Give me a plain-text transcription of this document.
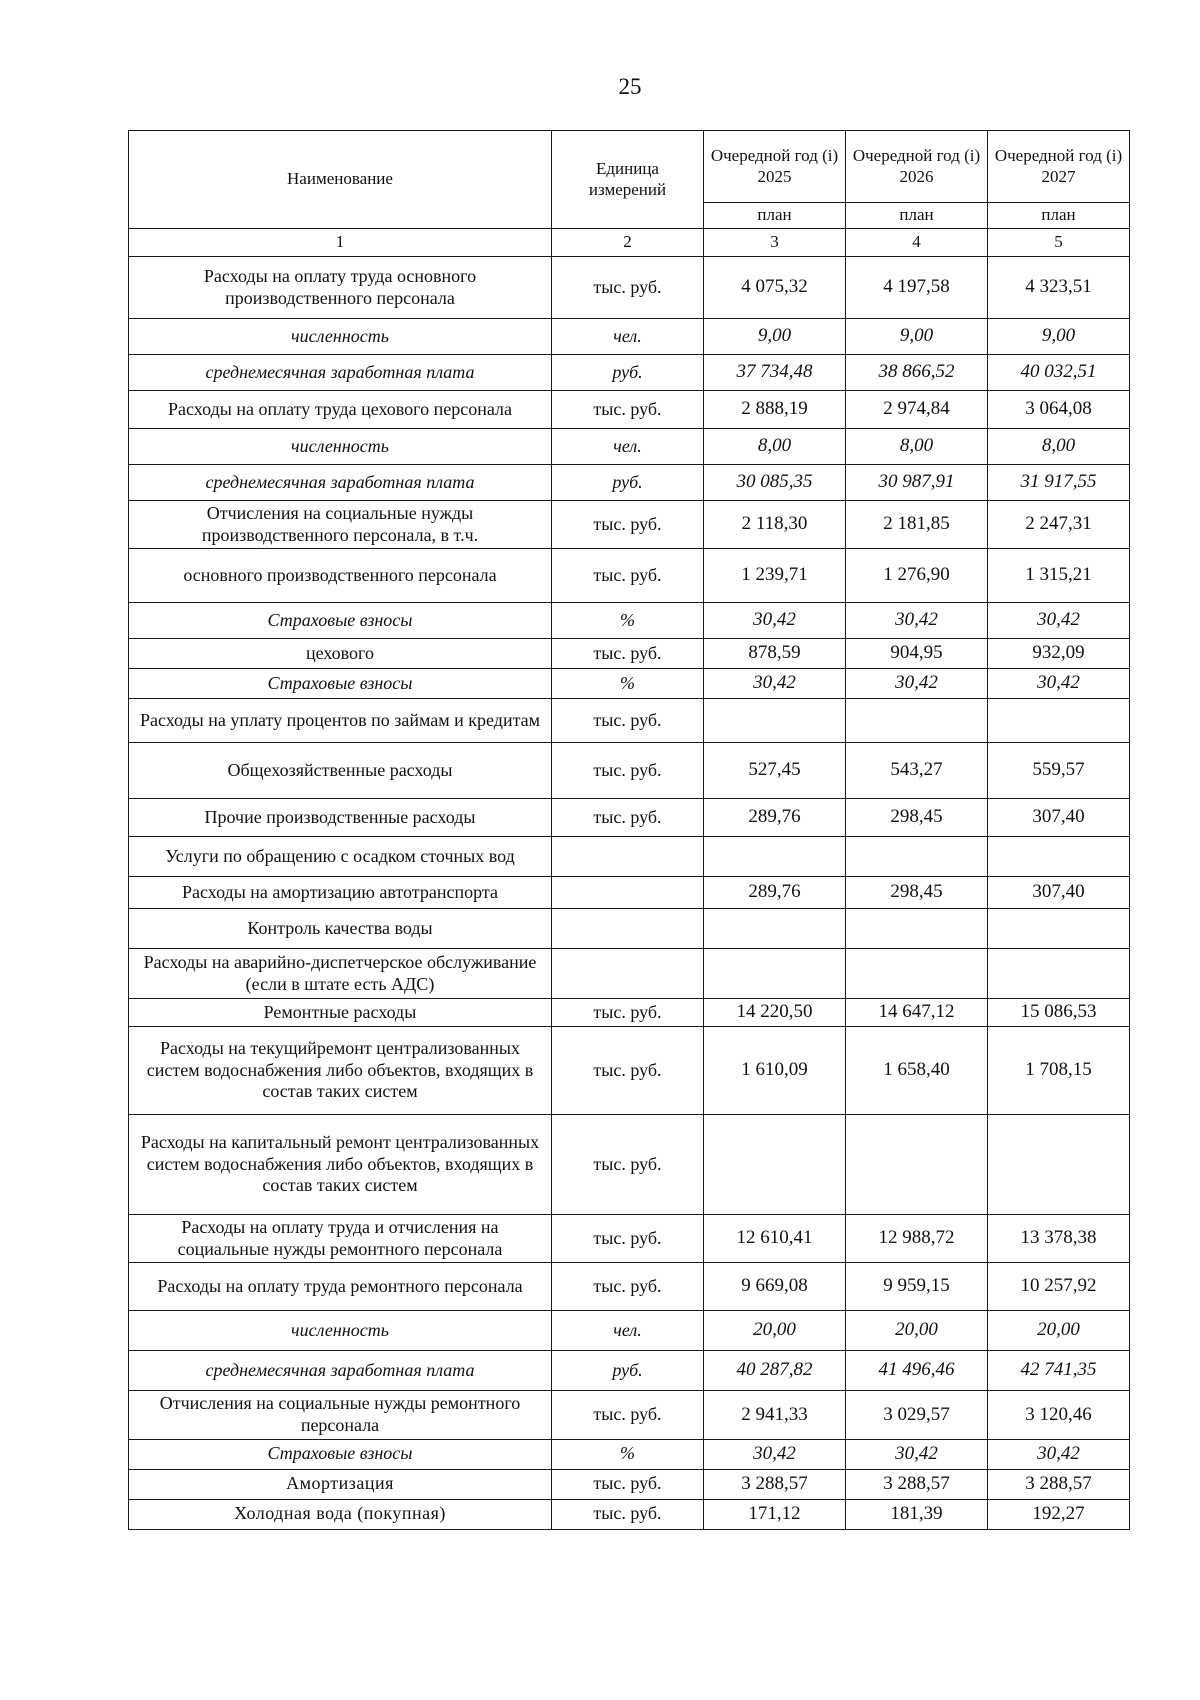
25
Наименование	Единица измерений	Очередной год (i) 2025	Очередной год (i) 2026	Очередной год (i) 2027
		план	план	план
1	2	3	4	5
Расходы на оплату труда основного производственного персонала	тыс. руб.	4 075,32	4 197,58	4 323,51
численность	чел.	9,00	9,00	9,00
среднемесячная заработная плата	руб.	37 734,48	38 866,52	40 032,51
Расходы на оплату труда цехового персонала	тыс. руб.	2 888,19	2 974,84	3 064,08
численность	чел.	8,00	8,00	8,00
среднемесячная заработная плата	руб.	30 085,35	30 987,91	31 917,55
Отчисления на социальные нужды производственного персонала, в т.ч.	тыс. руб.	2 118,30	2 181,85	2 247,31
основного производственного персонала	тыс. руб.	1 239,71	1 276,90	1 315,21
Страховые взносы	%	30,42	30,42	30,42
цехового	тыс. руб.	878,59	904,95	932,09
Страховые взносы	%	30,42	30,42	30,42
Расходы на уплату процентов по займам и кредитам	тыс. руб.			
Общехозяйственные расходы	тыс. руб.	527,45	543,27	559,57
Прочие производственные расходы	тыс. руб.	289,76	298,45	307,40
Услуги по обращению с осадком сточных вод				
Расходы на амортизацию автотранспорта		289,76	298,45	307,40
Контроль качества воды				
Расходы на аварийно-диспетчерское обслуживание (если в штате есть АДС)				
Ремонтные расходы	тыс. руб.	14 220,50	14 647,12	15 086,53
Расходы на текущийремонт централизованных систем водоснабжения либо объектов, входящих в состав таких систем	тыс. руб.	1 610,09	1 658,40	1 708,15
Расходы на капитальный ремонт централизованных систем водоснабжения либо объектов, входящих в состав таких систем	тыс. руб.			
Расходы на оплату труда и отчисления на социальные нужды ремонтного персонала	тыс. руб.	12 610,41	12 988,72	13 378,38
Расходы на оплату труда ремонтного персонала	тыс. руб.	9 669,08	9 959,15	10 257,92
численность	чел.	20,00	20,00	20,00
среднемесячная заработная плата	руб.	40 287,82	41 496,46	42 741,35
Отчисления на социальные нужды ремонтного персонала	тыс. руб.	2 941,33	3 029,57	3 120,46
Страховые взносы	%	30,42	30,42	30,42
Амортизация	тыс. руб.	3 288,57	3 288,57	3 288,57
Холодная вода (покупная)	тыс. руб.	171,12	181,39	192,27
